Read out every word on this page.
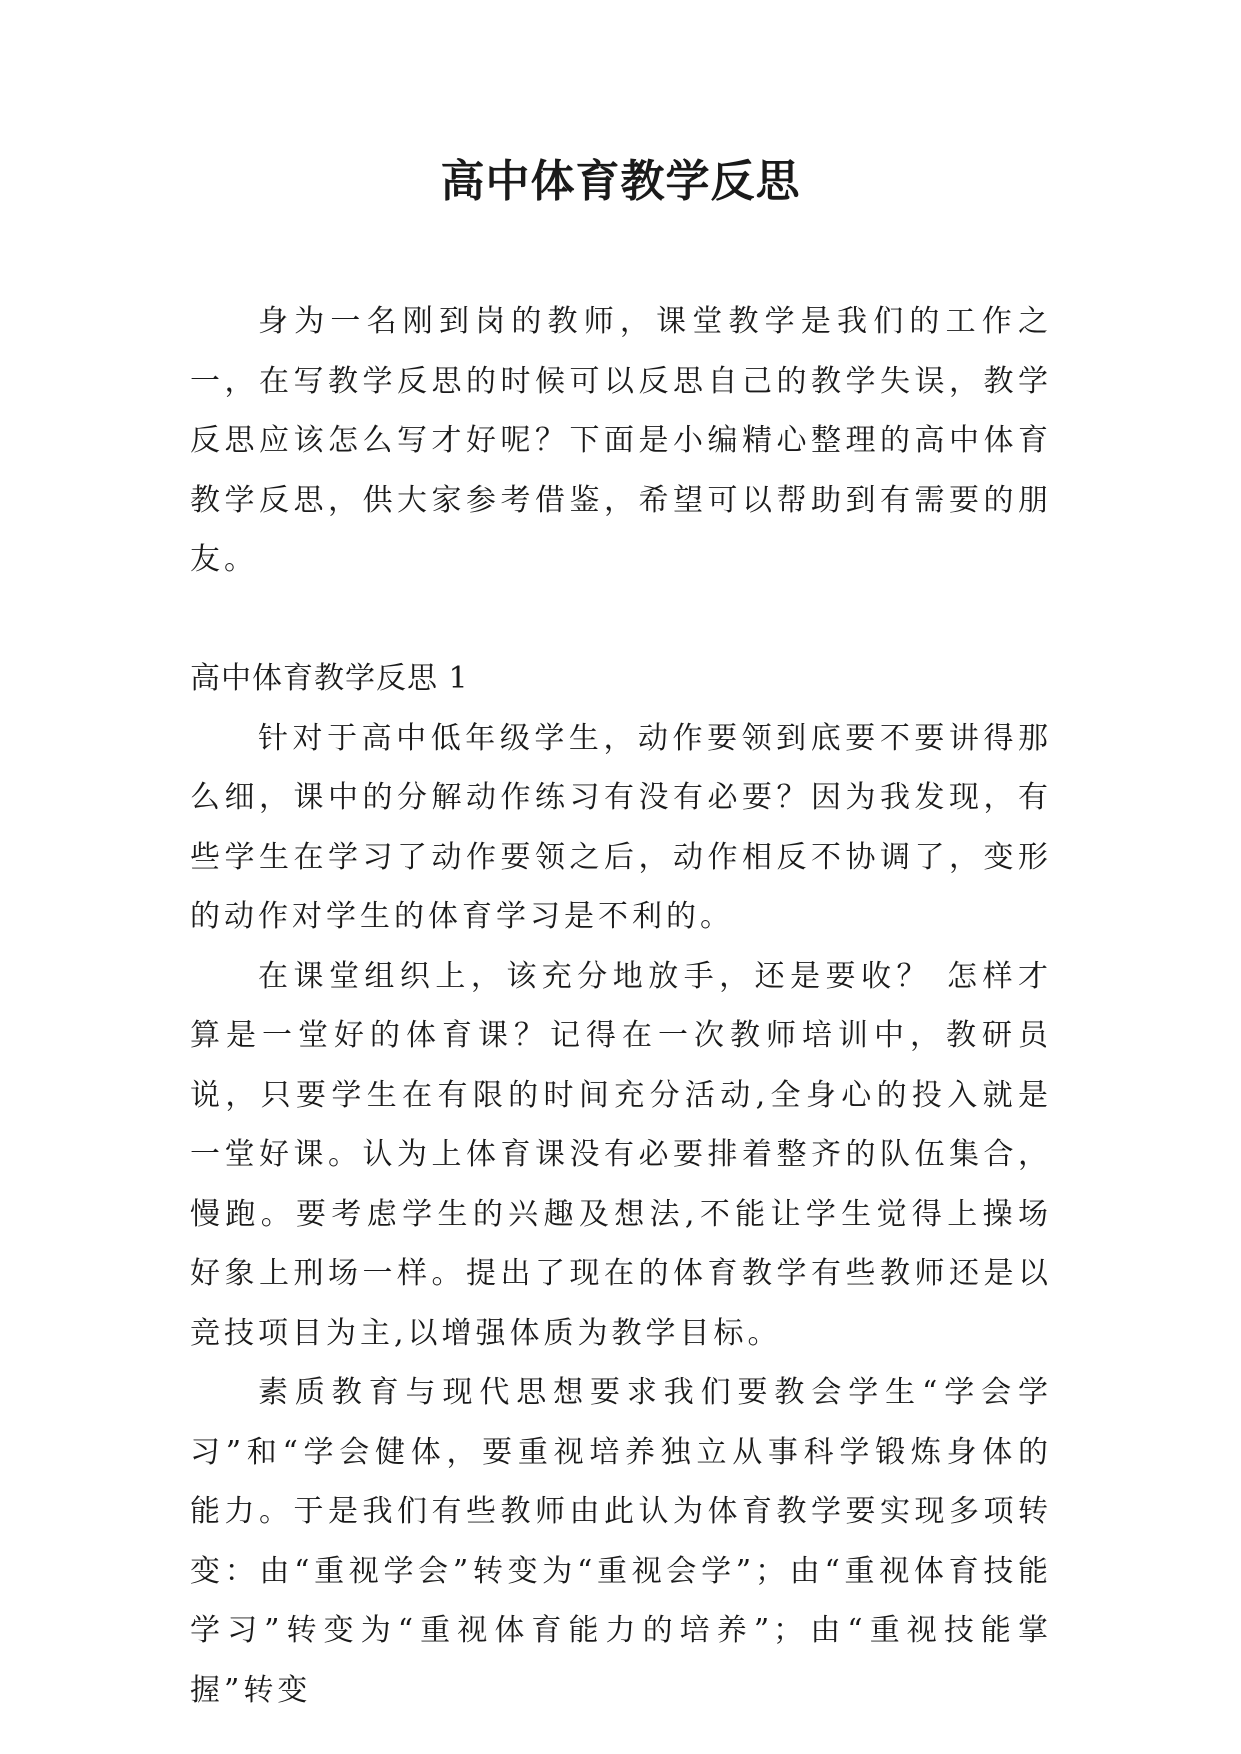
高中体育教学反思

身为一名刚到岗的教师，课堂教学是我们的工作之一，在写教学反思的时候可以反思自己的教学失误，教学反思应该怎么写才好呢？下面是小编精心整理的高中体育教学反思，供大家参考借鉴，希望可以帮助到有需要的朋友。

高中体育教学反思 1

针对于高中低年级学生，动作要领到底要不要讲得那么细，课中的分解动作练习有没有必要？因为我发现，有些学生在学习了动作要领之后，动作相反不协调了，变形的动作对学生的体育学习是不利的。

在课堂组织上，该充分地放手，还是要收？ 怎样才算是一堂好的体育课？记得在一次教师培训中，教研员说，只要学生在有限的时间充分活动,全身心的投入就是一堂好课。认为上体育课没有必要排着整齐的队伍集合，慢跑。要考虑学生的兴趣及想法,不能让学生觉得上操场好象上刑场一样。提出了现在的体育教学有些教师还是以竞技项目为主,以增强体质为教学目标。

素质教育与现代思想要求我们要教会学生“学会学习”和“学会健体，要重视培养独立从事科学锻炼身体的 能力。于是我们有些教师由此认为体育教学要实现多项转变：由“重视学会”转变为“重视会学”；由“重视体育技能学习”转变为“重视体育能力的培养”；由“重视技能掌握”转变
